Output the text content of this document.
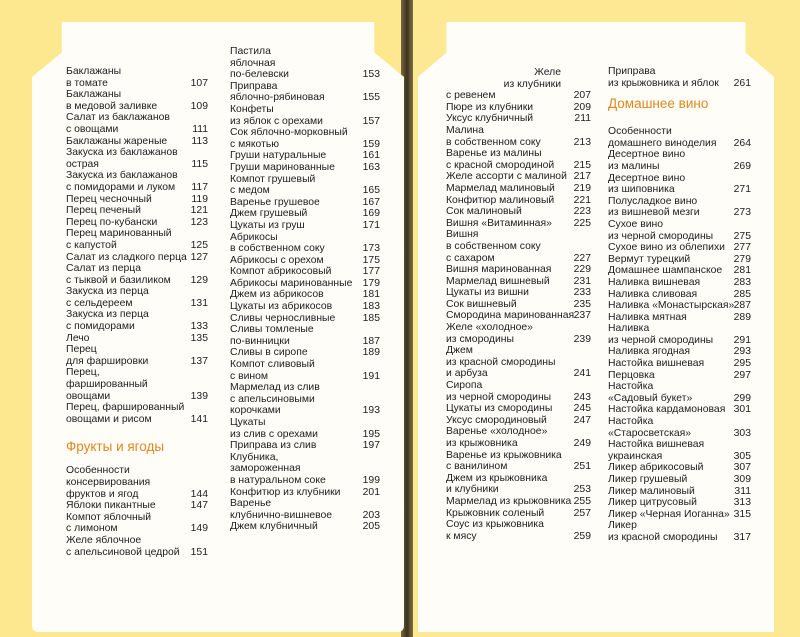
Баклажаны
в томате	107
Баклажаны
в медовой заливке	109
Салат из баклажанов
с овощами	111
Баклажаны жареные 113
Закуска из баклажанов
острая	115
Закуска из баклажанов
с помидорами и луком 117
Перец чесночный	119
Перец печеный	121
Перец по-кубански	123
Перец маринованный
с капустой	125
Салат из сладкого перца 127
Салат из перца
с тыквой и базиликом 129
Закуска из перца
с сельдереем	131
Закуска из перца
с помидорами	133
Лечо	135
Перец
для фаршировки	137
Перец,
фаршированный
овощами	139
Перец, фаршированный
овощами и рисом	141
Фрукты и ягоды
Особенности
консервирования
фруктов и ягод	144
Яблоки пикантные	147
Компот яблочный
с лимоном	149
Желе яблочное
с апельсиновой цедрой 151
Пастила
яблочная
по-белевски	153
Приправа
яблочно-рябиновая	155
Конфеты
из яблок с орехами	157
Сок яблочно-морковный
с мякотью	159
Груши натуральные	161
Груши маринованные	163
Компот грушевый
с медом	165
Варенье грушевое	167
Джем грушевый	169
Цукаты из груш	171
Абрикосы
в собственном соку	173
Абрикосы с орехом	175
Компот абрикосовый	177
Абрикосы маринованные 179
Джем из абрикосов	181
Цукаты из абрикосов	183
Сливы черносливные	185
Сливы томленые
по-винницки	187
Сливы в сиропе	189
Компот сливовый
с вином	191
Мармелад из слив
с апельсиновыми
корочками	193
Цукаты
из слив с орехами	195
Приправа из слив	197
Клубника,
замороженная
в натуральном соке	199
Конфитюр из клубники 201
Варенье
клубнично-вишневое	203
Джем клубничный	205
Желе
из клубники
с ревенем	207
Пюре из клубники	209
Уксус клубничный	211
Малина
в собственном соку	213
Варенье из малины
с красной смородиной 215
Желе ассорти с малиной 217
Мармелад малиновый 219
Конфитюр малиновый 221
Сок малиновый	223
Вишня «Витаминная» 225
Вишня
в собственном соку
с сахаром	227
Вишня маринованная 229
Мармелад вишневый 231
Цукаты из вишни	233
Сок вишневый	235
Смородина маринованная 237
Желе «холодное»
из смородины	239
Джем
из красной смородины
и арбуза	241
Сиропа
из черной смородины 243
Цукаты из смородины 245
Уксус смородиновый	247
Варенье «холодное»
из крыжовника	249
Варенье из крыжовника
с ванилином	251
Джем из крыжовника
и клубники	253
Мармелад из крыжовника 255
Крыжовник соленый	257
Соус из крыжовника
к мясу	259
Приправа
из крыжовника и яблок 261
Домашнее вино
Особенности
домашнего виноделия 264
Десертное вино
из малины	269
Десертное вино
из шиповника	271
Полусладкое вино
из вишневой мезги	273
Сухое вино
из черной смородины 275
Сухое вино из облепихи 277
Вермут турецкий	279
Домашнее шампанское 281
Наливка вишневая	283
Наливка сливовая	285
Наливка «Монастырская» 287
Наливка мятная	289
Наливка
из черной смородины 291
Наливка ягодная	293
Настойка вишневая	295
Перцовка	297
Настойка
«Садовый букет»	299
Настойка кардамоновая 301
Настойка
«Старосветская»	303
Настойка вишневая
украинская	305
Ликер абрикосовый	307
Ликер грушевый	309
Ликер малиновый	311
Ликер цитрусовый	313
Ликер «Черная Иоганна» 315
Ликер
из красной смородины 317
